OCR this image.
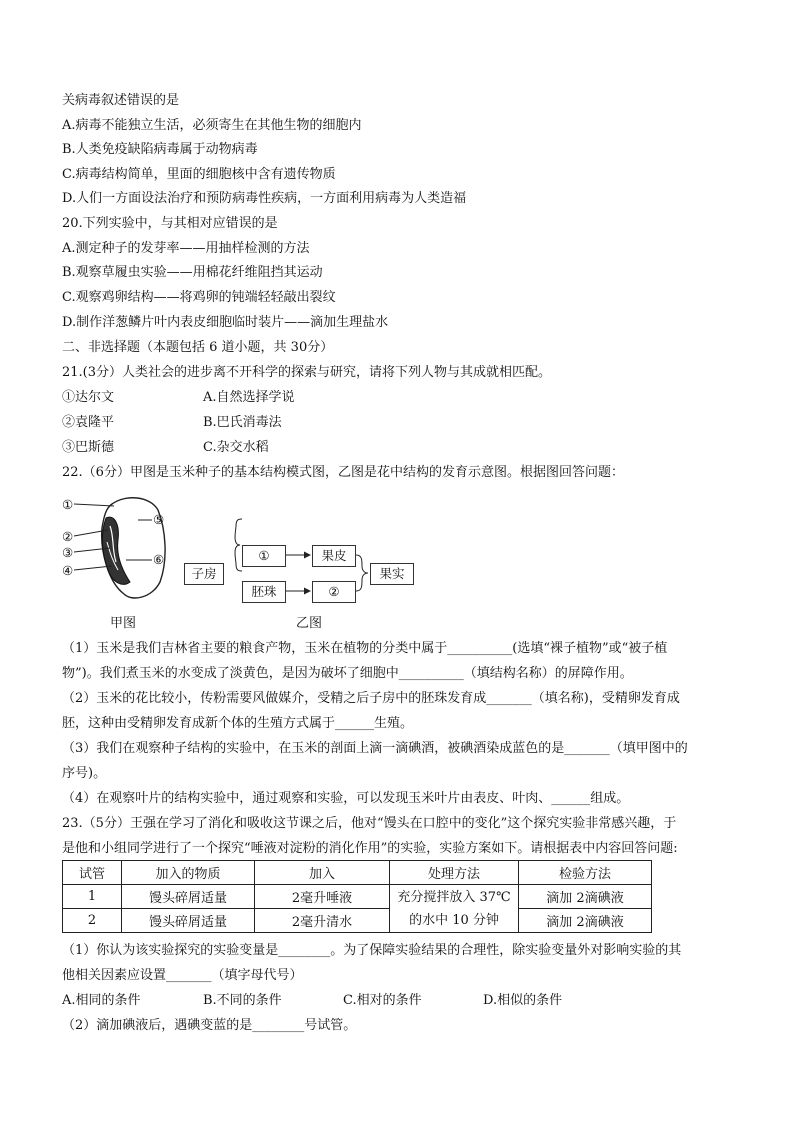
关病毒叙述错误的是
A.病毒不能独立生活，必须寄生在其他生物的细胞内
B.人类免疫缺陷病毒属于动物病毒
C.病毒结构简单，里面的细胞核中含有遗传物质
D.人们一方面设法治疗和预防病毒性疾病，一方面利用病毒为人类造福
20.下列实验中，与其相对应错误的是
A.测定种子的发芽率——用抽样检测的方法
B.观察草履虫实验——用棉花纤维阻挡其运动
C.观察鸡卵结构——将鸡卵的钝端轻轻敲出裂纹
D.制作洋葱鳞片叶内表皮细胞临时装片——滴加生理盐水
二、非选择题（本题包括 6 道小题，共 30分）
21.(3分）人类社会的进步离不开科学的探索与研究，请将下列人物与其成就相匹配。
①达尔文	A.自然选择学说
②袁隆平	B.巴氏消毒法
③巴斯德	C.杂交水稻
22.（6分）甲图是玉米种子的基本结构模式图，乙图是花中结构的发育示意图。根据图回答问题：
①
②
③
④
⑤
⑥
甲图
子房
①
胚珠
果皮
②
果实
乙图
（1）玉米是我们吉林省主要的粮食产物，玉米在植物的分类中属于__________(选填“裸子植物”或“被子植
物”)。我们煮玉米的水变成了淡黄色，是因为破坏了细胞中__________（填结构名称）的屏障作用。
（2）玉米的花比较小，传粉需要风做媒介，受精之后子房中的胚珠发育成_______（填名称)，受精卵发育成
胚，这种由受精卵发育成新个体的生殖方式属于______生殖。
（3）我们在观察种子结构的实验中，在玉米的剖面上滴一滴碘酒，被碘酒染成蓝色的是_______（填甲图中的
序号)。
（4）在观察叶片的结构实验中，通过观察和实验，可以发现玉米叶片由表皮、叶肉、______组成。
23.（5分）王强在学习了消化和吸收这节课之后，他对“馒头在口腔中的变化”这个探究实验非常感兴趣，于
是他和小组同学进行了一个探究“唾液对淀粉的消化作用”的实验，实验方案如下。请根据表中内容回答问题:
试管	加入的物质	加入	处理方法	检验方法
1	馒头碎屑适量	2毫升唾液	充分搅拌放入 37℃
的水中 10 分钟	滴加 2滴碘液
2	馒头碎屑适量	2毫升清水		滴加 2滴碘液
（1）你认为该实验探究的实验变量是________。为了保障实验结果的合理性，除实验变量外对影响实验的其
他相关因素应设置_______（填字母代号）
A.相同的条件	B.不同的条件	C.相对的条件	D.相似的条件
（2）滴加碘液后，遇碘变蓝的是________号试管。
